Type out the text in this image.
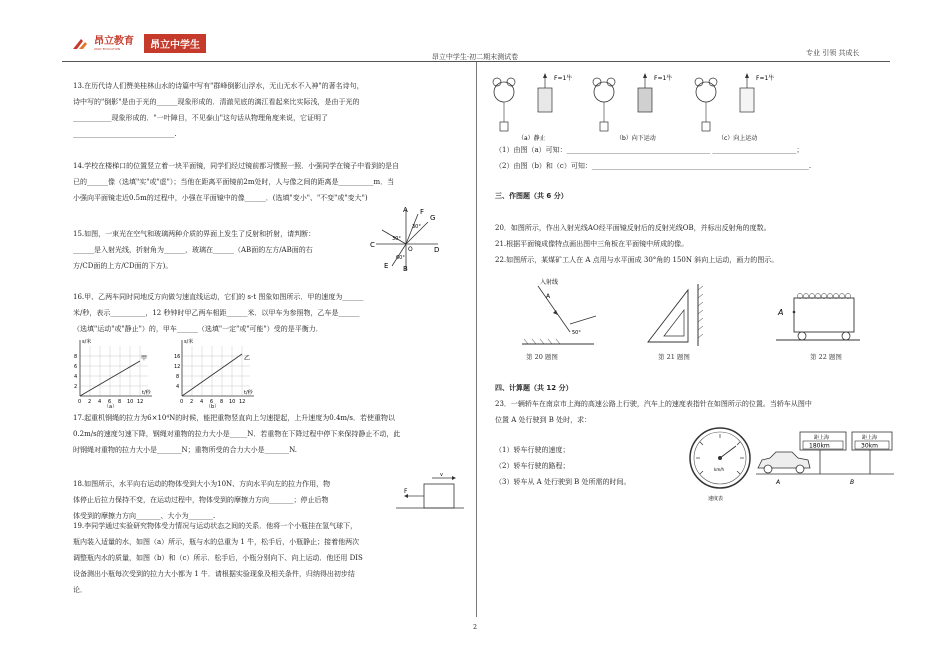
昂立教育
ONLY EDUCATION	昂立中学生
昂立中学生·初二期末测试卷	专业 引领 共成长
13.在历代诗人们赞美桂林山水的诗篇中写有"群峰倒影山浮水，无山无水不入神"的著名诗句，
诗中写的"倒影"是由于光的______现象形成的．清澈见底的漓江看起来比实际浅，是由于光的
___________现象形成的．"一叶障目，不见泰山"这句话从物理角度来说，它证明了
_____________________________.
14.学校在楼梯口的位置竖立着一块平面镜，同学们经过镜前都习惯照一照．小强同学在镜子中看到的是自
已的______像（选填"实"或"虚"）；当他在距离平面镜前2m处时，人与像之间的距离是__________m．当
小强向平面镜走近0.5m的过程中，小强在平面镜中的像______．(选填"变小"、"不变"或"变大")
15.如图，一束光在空气和玻璃两种介质的界面上发生了反射和折射，请判断：
______是入射光线，折射角为______，玻璃在______（AB面的左方/AB面的右
方/CD面的上方/CD面的下方)。
A
B
C
D
E
F
G
O
30°
30°
60°
16.甲、乙两车同时同地反方向做匀速直线运动，它们的 s-t 图象如图所示．甲的速度为______
米/秒，表示__________，12 秒钟时甲乙两车相距______米．以甲车为参照物，乙车是______
（选填"运动"或"静止"）的，甲车______（选填"一定"或"可能"）受的是平衡力．
s/米
t/秒
甲
2
4
6
8
0 2 4 6 8 10 12
（a）
s/米
t/秒
乙
4
8
12
16
0 2 4 6 8 10 12
（b）
17.起重机钢绳的拉力为6×10⁴N的时候，能把重物竖直向上匀速提起，上升速度为0.4m/s．若使重物以
0.2m/s的速度匀速下降，钢绳对重物的拉力大小是_____N．若重物在下降过程中停下来保持静止不动，此
时钢绳对重物的拉力大小是_______N；重物所受的合力大小是_______N.
18.如图所示，水平向右运动的物体受到大小为10N、方向水平向左的拉力作用，物
体停止后拉力保持不变，在运动过程中，物体受到的摩擦力方向_______；停止后物
体受到的摩擦力方向_______、大小为_______.
v
F
19.李同学通过实验研究物体受力情况与运动状态之间的关系．他将一个小瓶挂在氢气球下，
瓶内装入适量的水，如图（a）所示，瓶与水的总重为 1 牛，松手后，小瓶静止；接着他两次
调整瓶内水的质量，如图（b）和（c）所示．松手后，小瓶分别向下、向上运动．他还用 DIS
设备测出小瓶每次受到的拉力大小都为 1 牛．请根据实验现象及相关条件，归纳得出初步结
论．
F=1牛
（a）静止
F=1牛
（b）向下运动
F=1牛
（c）向上运动
（1）由图（a）可知：_________________________________________ ________________________；
（2）由图（b）和（c）可知：______________________________________________________________.
三、作图题（共 6 分）
20．如图所示，作出入射光线AO经平面镜反射后的反射光线OB，并标出反射角的度数。
21.根据平面镜成像特点画出图中三角板在平面镜中所成的像。
22.如图所示，某煤矿工人在 A 点用与水平面成 30°角的 150N 斜向上运动，画力的图示。
入射线
A
50°
第 20 题图	第 21 题图
A
第 22 题图
四、计算题（共 12 分）
23．一辆轿车在南京市上海的高速公路上行驶，汽车上的速度表指针在如图所示的位置。当轿车从图中
位置 A 处行驶到 B 处时，求：
（1）轿车行驶的速度；
（2）轿车行驶的路程；
（3）轿车从 A 处行驶到 B 处所需的时间。
km/h
速度表
距上海
180km
距上海
30km
A	B
2
